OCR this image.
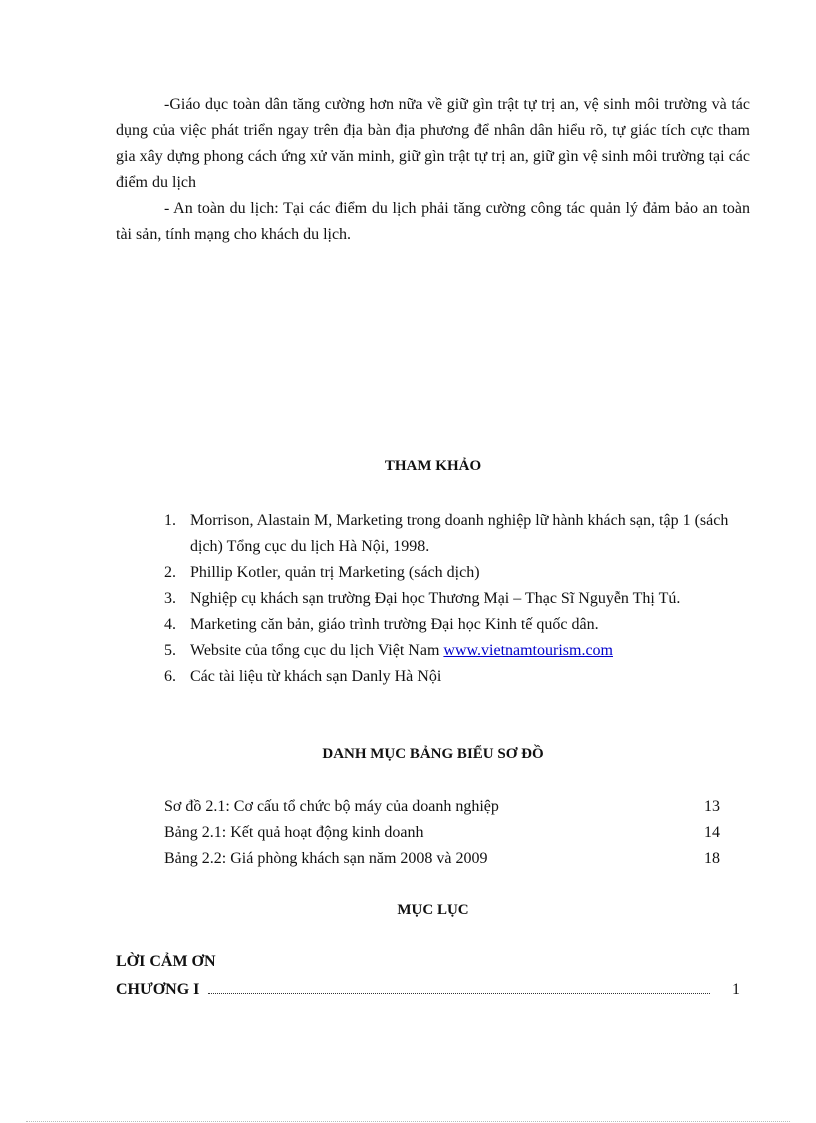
-Giáo dục toàn dân tăng cường hơn nữa về giữ gìn trật tự trị an, vệ sinh môi trường và tác dụng của việc phát triển ngay trên địa bàn địa phương để nhân dân hiểu rõ, tự giác tích cực tham gia xây dựng phong cách ứng xử văn minh, giữ gìn trật tự trị an, giữ gìn vệ sinh môi trường tại các điểm du lịch

- An toàn du lịch: Tại các điểm du lịch phải tăng cường công tác quản lý đảm bảo an toàn tài sản, tính mạng cho khách du lịch.

THAM KHẢO
1. Morrison, Alastain M, Marketing trong doanh nghiệp lữ hành khách sạn, tập 1 (sách dịch) Tổng cục du lịch Hà Nội, 1998.
2. Phillip Kotler, quản trị Marketing (sách dịch)
3. Nghiệp cụ khách sạn trường Đại học Thương Mại – Thạc Sĩ Nguyễn Thị Tú.
4. Marketing căn bản, giáo trình trường Đại học Kinh tế quốc dân.
5. Website của tổng cục du lịch Việt Nam www.vietnamtourism.com
6. Các tài liệu từ khách sạn Danly Hà Nội
DANH MỤC BẢNG BIỂU SƠ ĐỒ
Sơ đồ 2.1: Cơ cấu tổ chức bộ máy của doanh nghiệp	13
Bảng 2.1: Kết quả hoạt động kinh doanh	14
Bảng 2.2: Giá phòng khách sạn năm 2008 và 2009	18
MỤC LỤC
LỜI CẢM ƠN
CHƯƠNG I	1
